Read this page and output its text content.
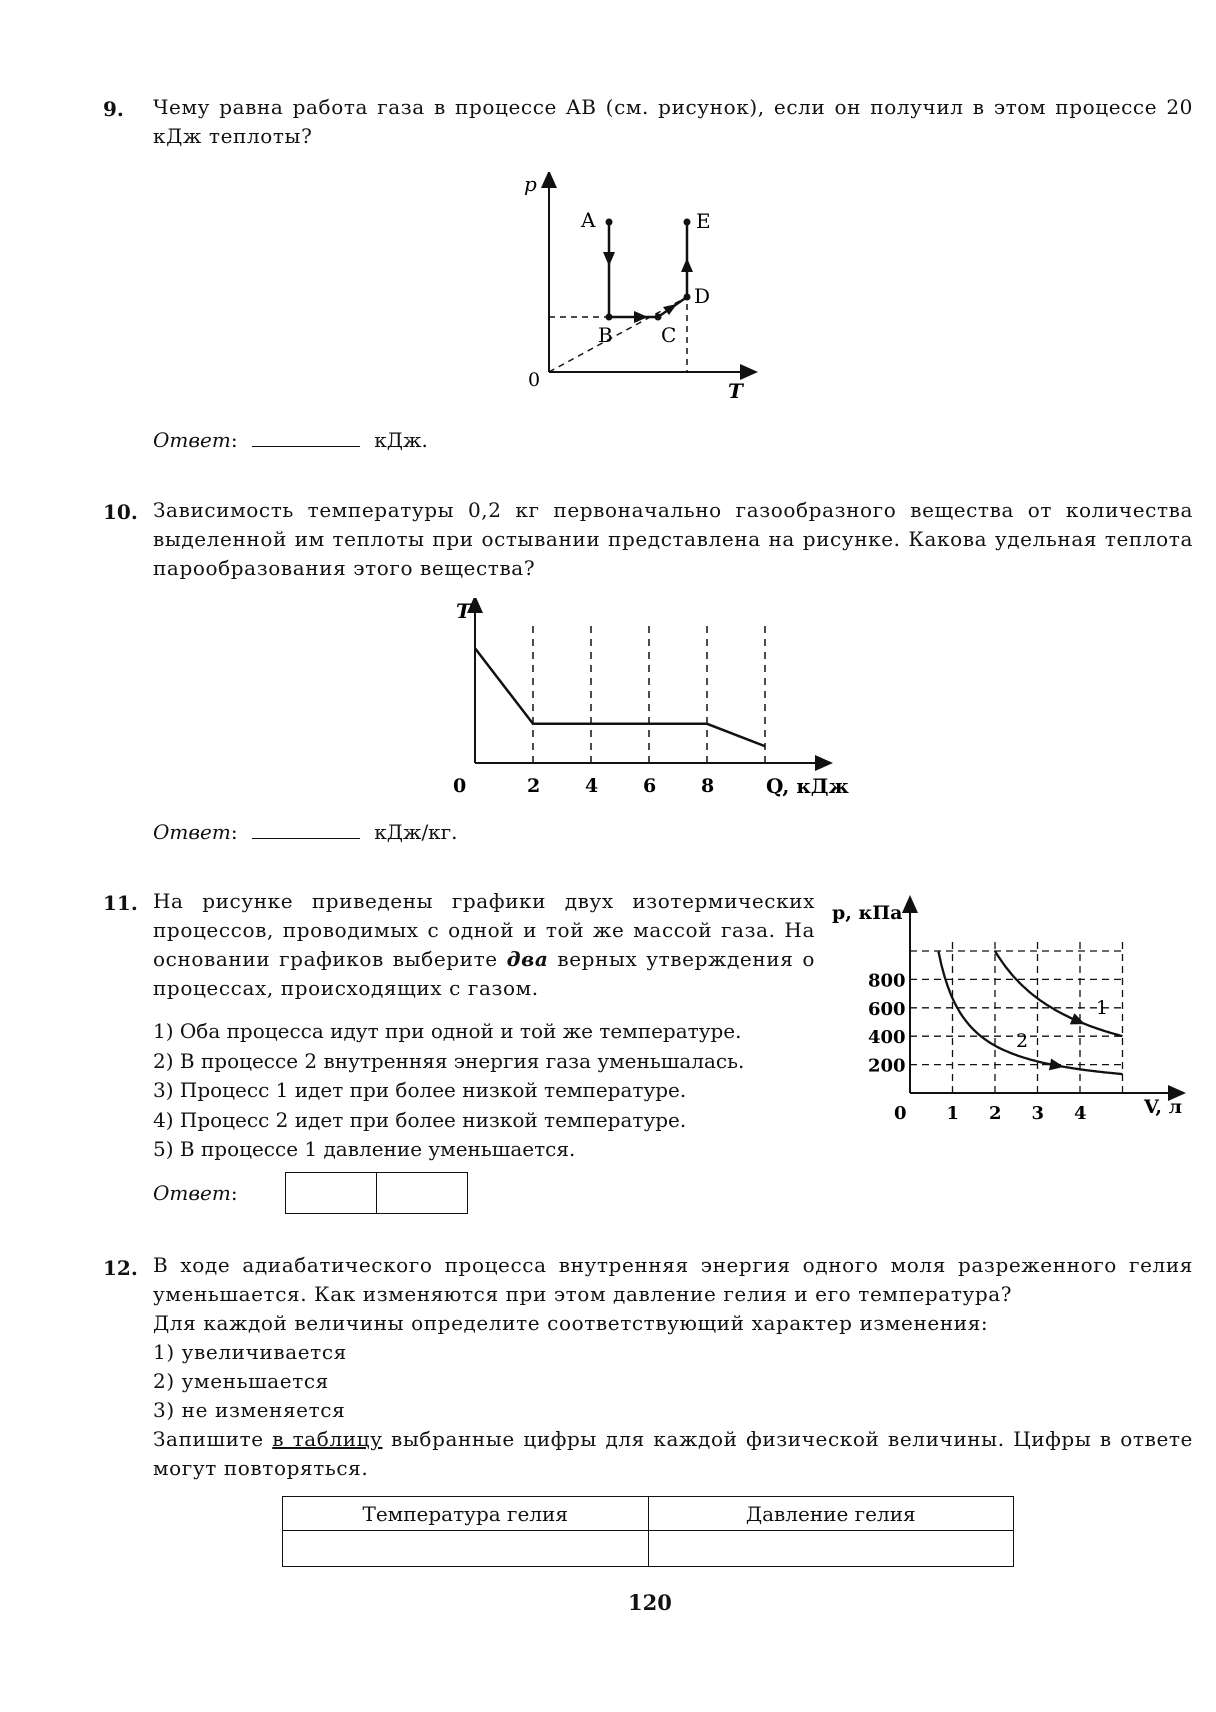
9. Чему равна работа газа в процессе AB (см. рисунок), если он получил в этом процессе 20 кДж теплоты?
p
T
0
A
B C
D
E
Ответ:	кДж.
10. Зависимость температуры 0,2 кг первоначально газообразного вещества от количества выделенной им теплоты при остывании представлена на рисунке. Какова удельная теплота парообразования этого вещества?
0	2 4 6 8
T
Q, кДж
Ответ:	кДж/кг.
11. На рисунке приведены графики двух изотермических процессов, проводимых с одной и той же массой газа. На основании графиков выберите два верных утверждения о процессах, происходящих с газом.
1) Оба процесса идут при одной и той же температуре.
2) В процессе 2 внутренняя энергия газа уменьшалась.
3) Процесс 1 идет при более низкой температуре.
4) Процесс 2 идет при более низкой температуре.
5) В процессе 1 давление уменьшается.
0 1 2 3 4
200
400
600
800
p, кПа
V, л
1
2
Ответ:
12. В ходе адиабатического процесса внутренняя энергия одного моля разреженного гелия уменьшается. Как изменяются при этом давление гелия и его температура?
Для каждой величины определите соответствующий характер изменения:
1) увеличивается
2) уменьшается
3) не изменяется
Запишите в таблицу выбранные цифры для каждой физической величины. Цифры в ответе могут повторяться.
Температура гелия	Давление гелия

120
